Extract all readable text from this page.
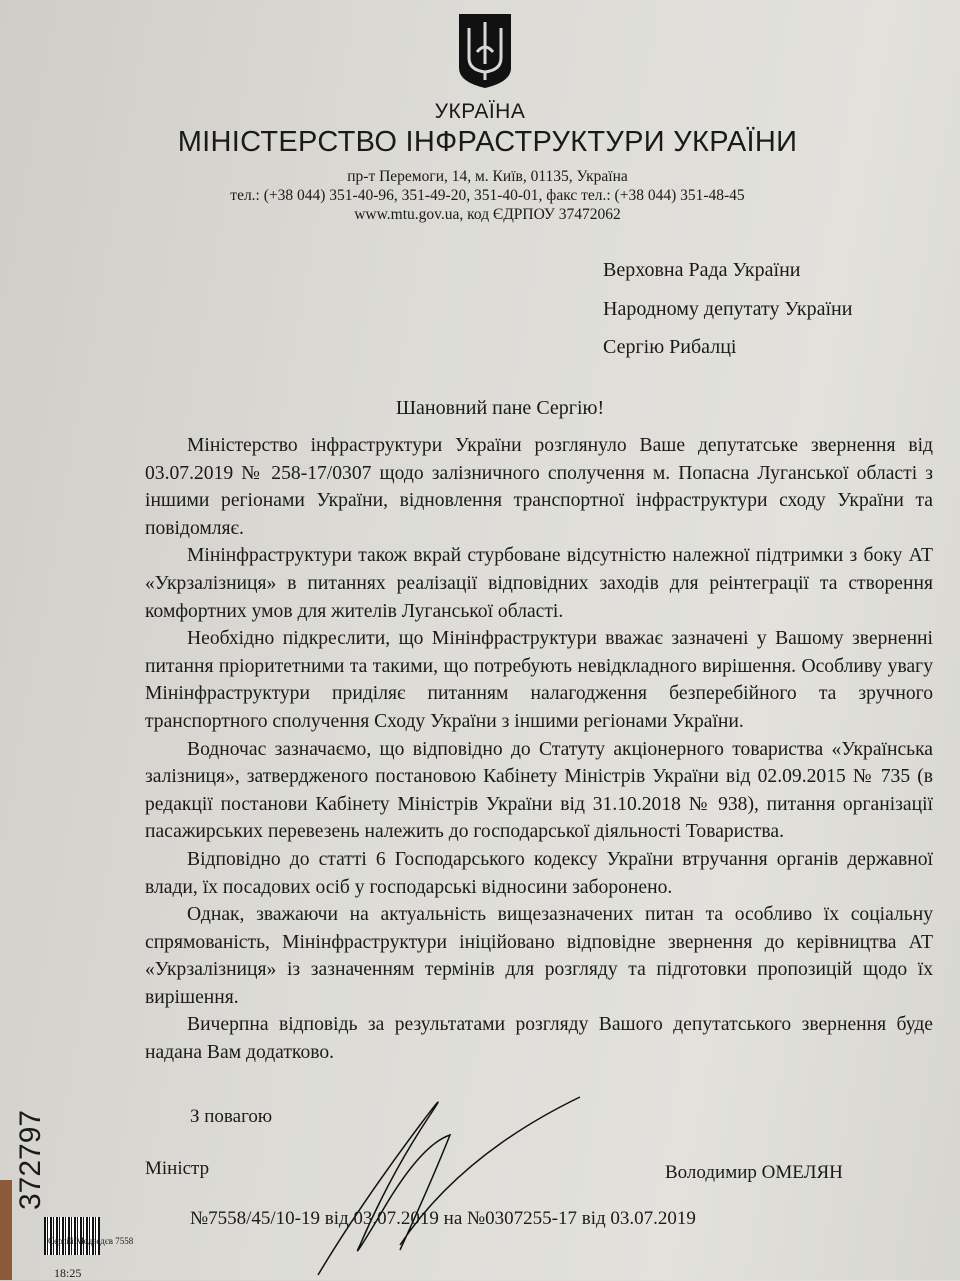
УКРАЇНА
МІНІСТЕРСТВО ІНФРАСТРУКТУРИ УКРАЇНИ
пр-т Перемоги, 14, м. Київ, 01135, Україна
тел.: (+38 044) 351-40-96, 351-49-20, 351-40-01, факс тел.: (+38 044) 351-48-45
www.mtu.gov.ua, код ЄДРПОУ 37472062
Верховна Рада України
Народному депутату України
Сергію Рибалці
Шановний пане Сергію!

Міністерство інфраструктури України розглянуло Ваше депутатське звернення від 03.07.2019 № 258-17/0307 щодо залізничного сполучення м. Попасна Луганської області з іншими регіонами України, відновлення транспортної інфраструктури сходу України та повідомляє.

Мінінфраструктури також вкрай стурбоване відсутністю належної підтримки з боку АТ «Укрзалізниця» в питаннях реалізації відповідних заходів для реінтеграції та створення комфортних умов для жителів Луганської області.

Необхідно підкреслити, що Мінінфраструктури вважає зазначені у Вашому зверненні питання пріоритетними та такими, що потребують невідкладного вирішення. Особливу увагу Мінінфраструктури приділяє питанням налагодження безперебійного та зручного транспортного сполучення Сходу України з іншими регіонами України.

Водночас зазначаємо, що відповідно до Статуту акціонерного товариства «Українська залізниця», затвердженого постановою Кабінету Міністрів України від 02.09.2015 № 735 (в редакції постанови Кабінету Міністрів України від 31.10.2018 № 938), питання організації пасажирських перевезень належить до господарської діяльності Товариства.

Відповідно до статті 6 Господарського кодексу України втручання органів державної влади, їх посадових осіб у господарські відносини заборонено.

Однак, зважаючи на актуальність вищезазначених питан та особливо їх соціальну спрямованість, Мінінфраструктури ініційовано відповідне звернення до керівництва АТ «Укрзалізниця» із зазначенням термінів для розгляду та підготовки пропозицій щодо їх вирішення.

Вичерпна відповідь за результатами розгляду Вашого депутатського звернення буде надана Вам додатково.

З повагою
Міністр	Володимир ОМЕЛЯН
№7558/45/10-19 від 03.07.2019 на №0307255-17 від 03.07.2019
Сергій Медведєв 7558
372797
18:25
